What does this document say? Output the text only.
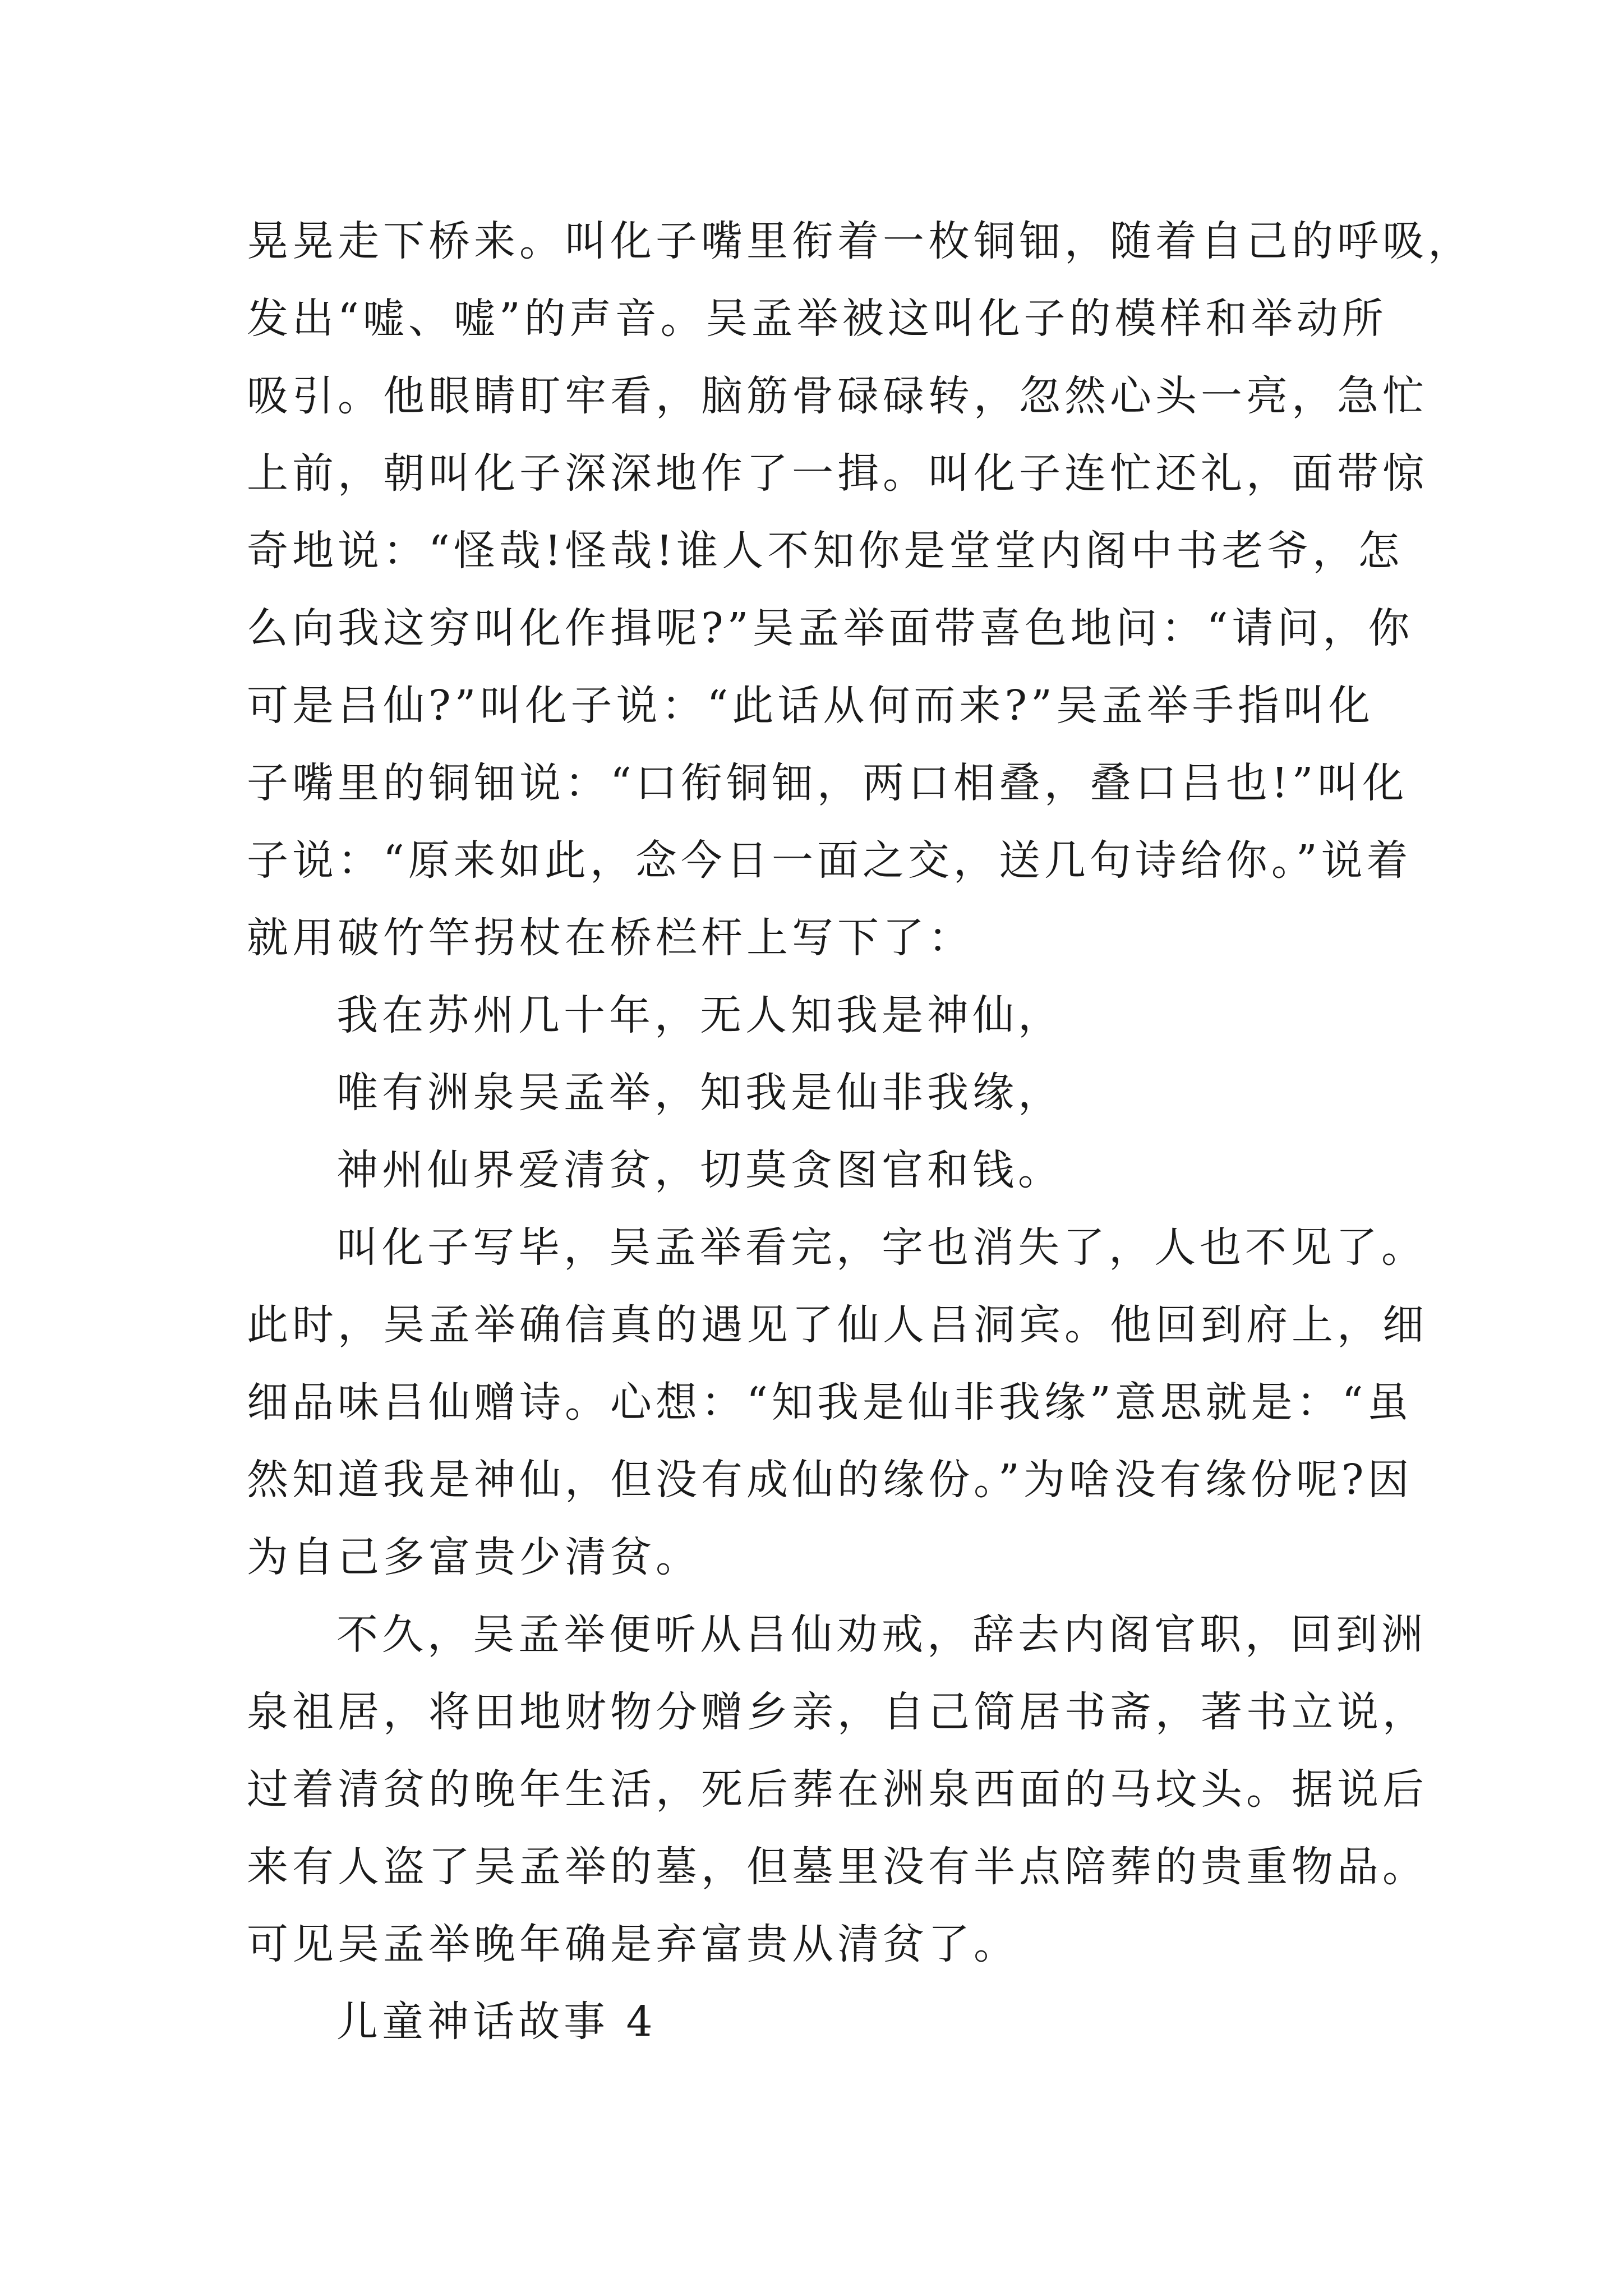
晃晃走下桥来。叫化子嘴里衔着一枚铜钿，随着自己的呼吸，
发出“嘘、嘘”的声音。吴孟举被这叫化子的模样和举动所
吸引。他眼睛盯牢看，脑筋骨碌碌转，忽然心头一亮，急忙
上前，朝叫化子深深地作了一揖。叫化子连忙还礼，面带惊
奇地说：“怪哉!怪哉!谁人不知你是堂堂内阁中书老爷，怎
么向我这穷叫化作揖呢?”吴孟举面带喜色地问：“请问，你
可是吕仙?”叫化子说：“此话从何而来?”吴孟举手指叫化
子嘴里的铜钿说：“口衔铜钿，两口相叠，叠口吕也!”叫化
子说：“原来如此，念今日一面之交，送几句诗给你。”说着
就用破竹竿拐杖在桥栏杆上写下了：
我在苏州几十年，无人知我是神仙，
唯有洲泉吴孟举，知我是仙非我缘，
神州仙界爱清贫，切莫贪图官和钱。
叫化子写毕，吴孟举看完，字也消失了，人也不见了。
此时，吴孟举确信真的遇见了仙人吕洞宾。他回到府上，细
细品味吕仙赠诗。心想：“知我是仙非我缘”意思就是：“虽
然知道我是神仙，但没有成仙的缘份。”为啥没有缘份呢?因
为自己多富贵少清贫。
不久，吴孟举便听从吕仙劝戒，辞去内阁官职，回到洲
泉祖居，将田地财物分赠乡亲，自己简居书斋，著书立说，
过着清贫的晚年生活，死后葬在洲泉西面的马坟头。据说后
来有人盗了吴孟举的墓，但墓里没有半点陪葬的贵重物品。
可见吴孟举晚年确是弃富贵从清贫了。
儿童神话故事 4
